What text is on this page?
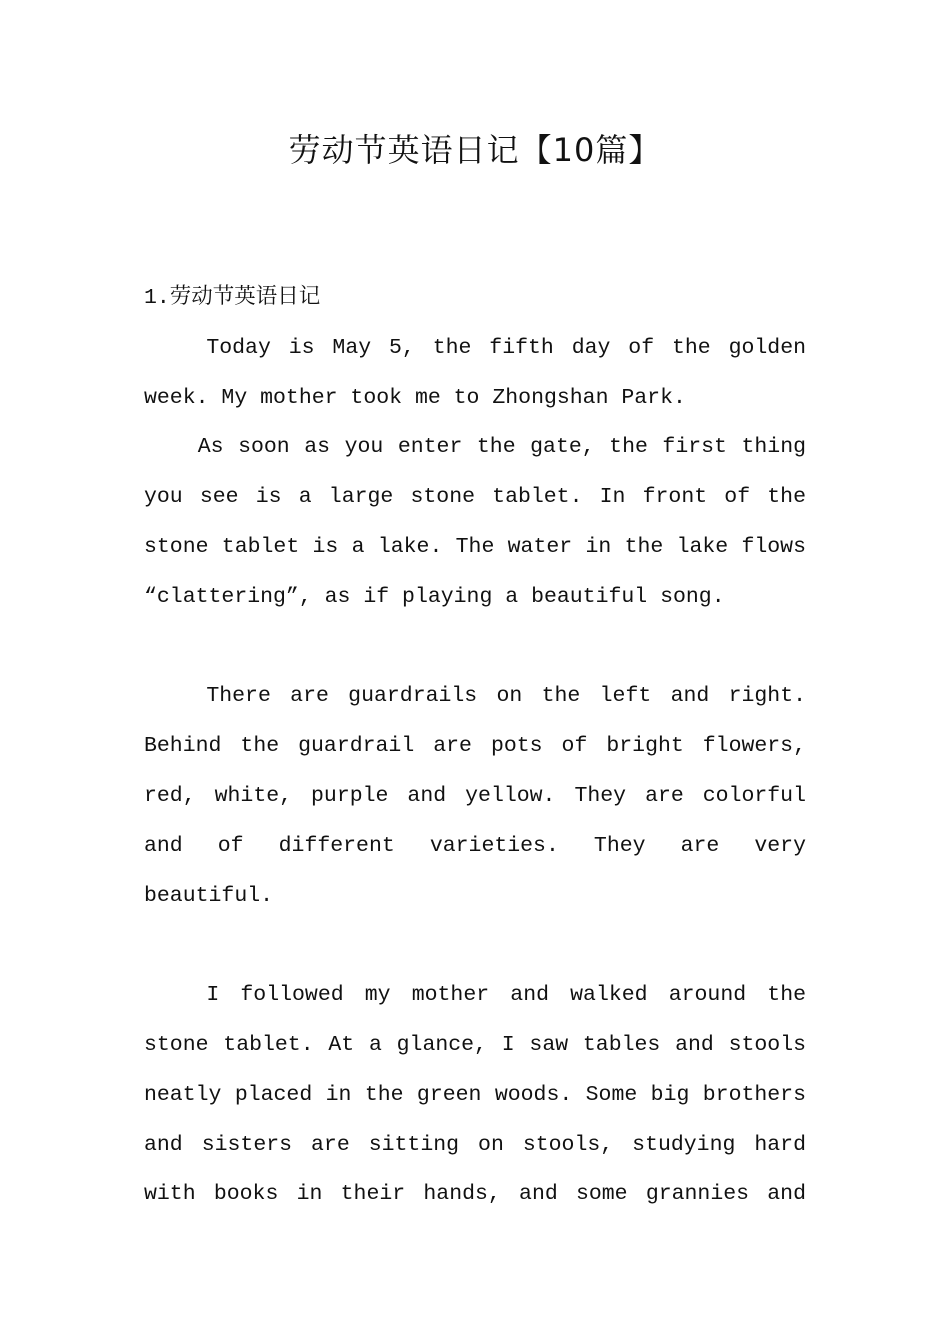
劳动节英语日记【10篇】
1.劳动节英语日记

Today is May 5, the fifth day of the golden week. My mother took me to Zhongshan Park.

As soon as you enter the gate, the first thing you see is a large stone tablet. In front of the stone tablet is a lake. The water in the lake flows “clattering”, as if playing a beautiful song.

There are guardrails on the left and right. Behind the guardrail are pots of bright flowers, red, white, purple and yellow. They are colorful and of different varieties. They are very beautiful.

I followed my mother and walked around the stone tablet. At a glance, I saw tables and stools neatly placed in the green woods. Some big brothers and sisters are sitting on stools, studying hard with books in their hands, and some grannies and
